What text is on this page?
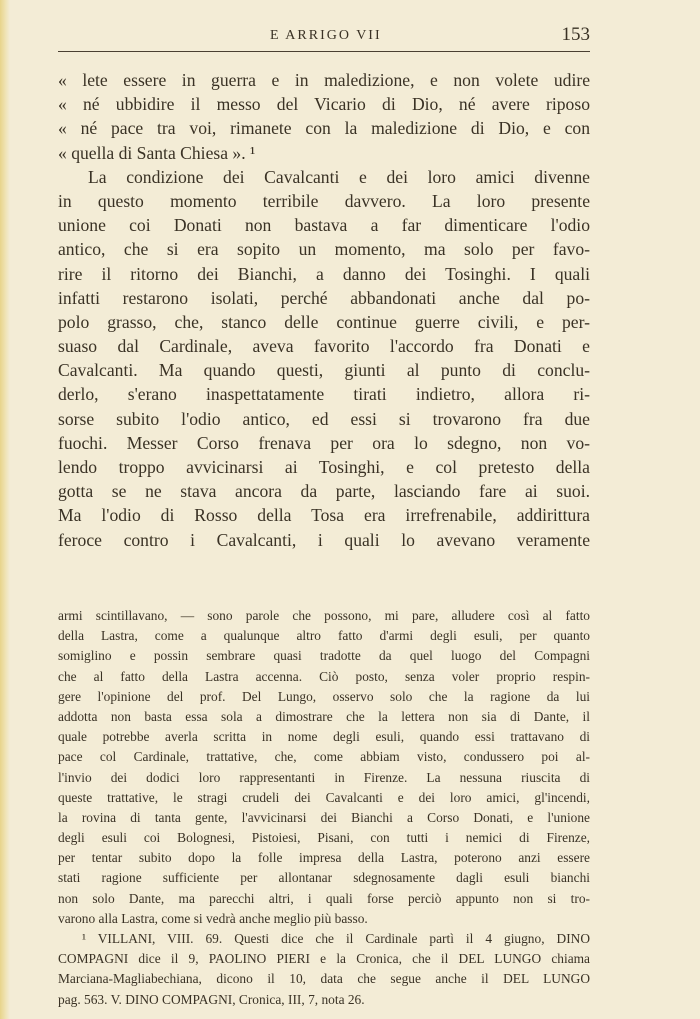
E ARRIGO VII	153
« lete essere in guerra e in maledizione, e non volete udire
« né ubbidire il messo del Vicario di Dio, né avere riposo
« né pace tra voi, rimanete con la maledizione di Dio, e con
« quella di Santa Chiesa ». ¹
La condizione dei Cavalcanti e dei loro amici divenne
in questo momento terribile davvero. La loro presente
unione coi Donati non bastava a far dimenticare l'odio
antico, che si era sopito un momento, ma solo per favo-
rire il ritorno dei Bianchi, a danno dei Tosinghi. I quali
infatti restarono isolati, perché abbandonati anche dal po-
polo grasso, che, stanco delle continue guerre civili, e per-
suaso dal Cardinale, aveva favorito l'accordo fra Donati e
Cavalcanti. Ma quando questi, giunti al punto di conclu-
derlo, s'erano inaspettatamente tirati indietro, allora ri-
sorse subito l'odio antico, ed essi si trovarono fra due
fuochi. Messer Corso frenava per ora lo sdegno, non vo-
lendo troppo avvicinarsi ai Tosinghi, e col pretesto della
gotta se ne stava ancora da parte, lasciando fare ai suoi.
Ma l'odio di Rosso della Tosa era irrefrenabile, addirittura
feroce contro i Cavalcanti, i quali lo avevano veramente
armi scintillavano, — sono parole che possono, mi pare, alludere così al fatto
della Lastra, come a qualunque altro fatto d'armi degli esuli, per quanto
somiglino e possin sembrare quasi tradotte da quel luogo del Compagni
che al fatto della Lastra accenna. Ciò posto, senza voler proprio respin-
gere l'opinione del prof. Del Lungo, osservo solo che la ragione da lui
addotta non basta essa sola a dimostrare che la lettera non sia di Dante, il
quale potrebbe averla scritta in nome degli esuli, quando essi trattavano di
pace col Cardinale, trattative, che, come abbiam visto, condussero poi al-
l'invio dei dodici loro rappresentanti in Firenze. La nessuna riuscita di
queste trattative, le stragi crudeli dei Cavalcanti e dei loro amici, gl'incendi,
la rovina di tanta gente, l'avvicinarsi dei Bianchi a Corso Donati, e l'unione
degli esuli coi Bolognesi, Pistoiesi, Pisani, con tutti i nemici di Firenze,
per tentar subito dopo la folle impresa della Lastra, poterono anzi essere
stati ragione sufficiente per allontanar sdegnosamente dagli esuli bianchi
non solo Dante, ma parecchi altri, i quali forse perciò appunto non si tro-
varono alla Lastra, come si vedrà anche meglio più basso.
¹ VILLANI, VIII. 69. Questi dice che il Cardinale partì il 4 giugno, DINO
COMPAGNI dice il 9, PAOLINO PIERI e la Cronica, che il DEL LUNGO chiama
Marciana-Magliabechiana, dicono il 10, data che segue anche il DEL LUNGO
pag. 563. V. DINO COMPAGNI, Cronica, III, 7, nota 26.
